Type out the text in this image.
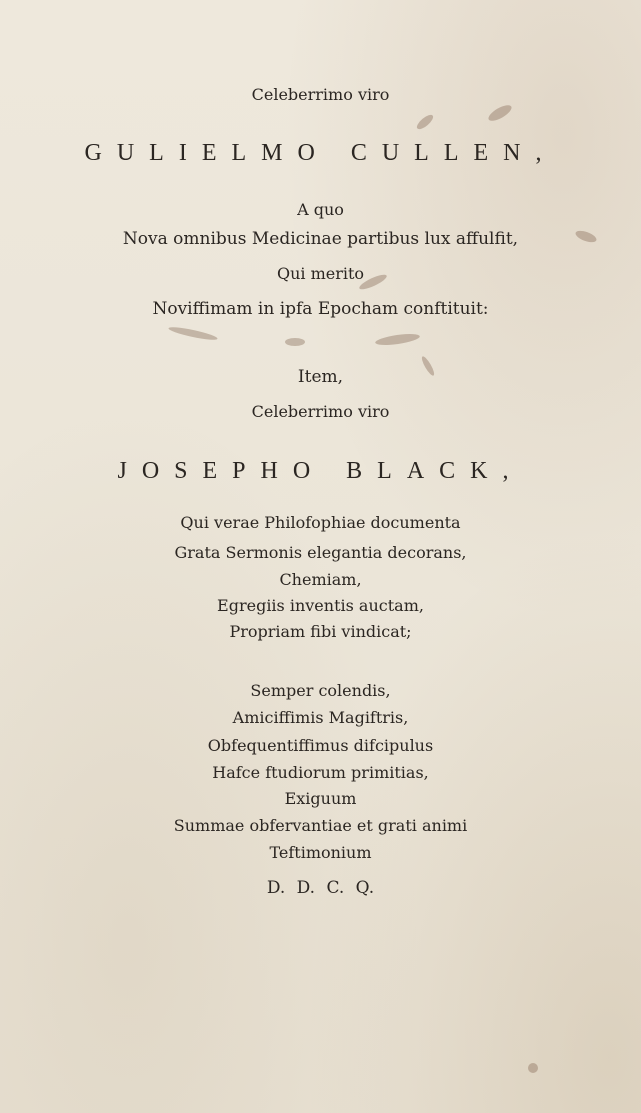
Celeberrimo viro
GULIELMO CULLEN,
A quo
Nova omnibus Medicinae partibus lux affulfit,
Qui merito
Noviffimam in ipfa Epocham conftituit:
Item,
Celeberrimo viro
JOSEPHO BLACK,
Qui verae Philofophiae documenta
Grata Sermonis elegantia decorans,
Chemiam,
Egregiis inventis auctam,
Propriam fibi vindicat;
Semper colendis,
Amiciffimis Magiftris,
Obfequentiffimus difcipulus
Hafce ftudiorum primitias,
Exiguum
Summae obfervantiae et grati animi
Teftimonium
D. D. C. Q.
